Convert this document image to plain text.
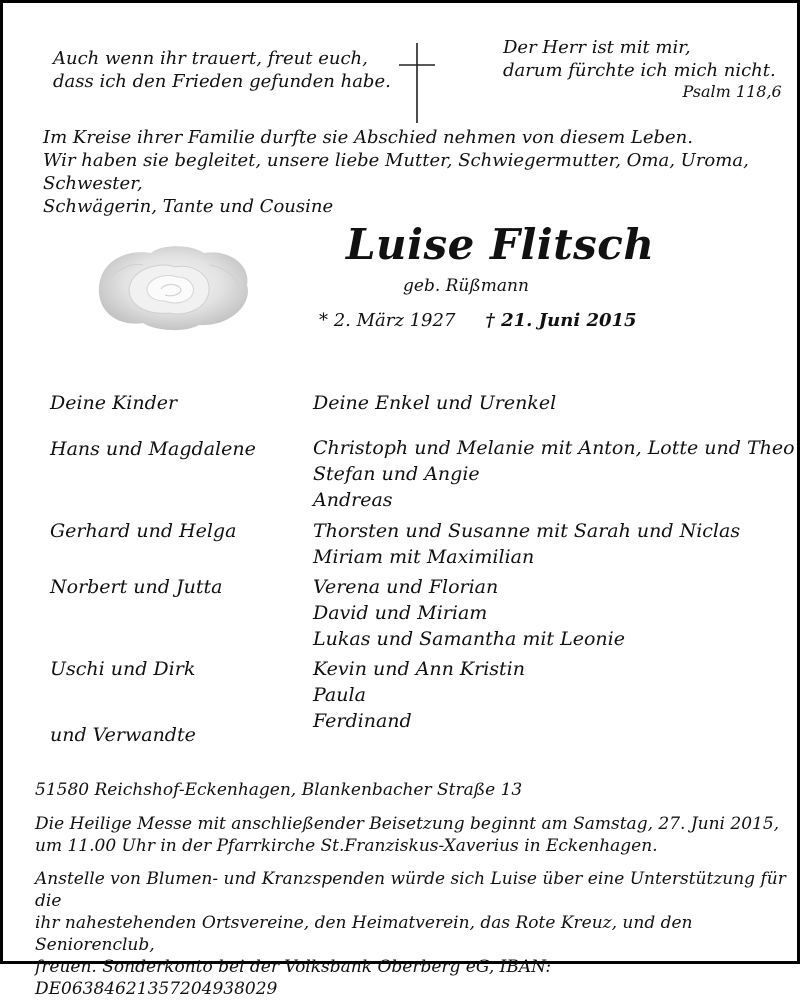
Auch wenn ihr trauert, freut euch,
dass ich den Frieden gefunden habe.
Der Herr ist mit mir,
darum fürchte ich mich nicht.
Psalm 118,6
Im Kreise ihrer Familie durfte sie Abschied nehmen von diesem Leben.
Wir haben sie begleitet, unsere liebe Mutter, Schwiegermutter, Oma, Uroma, Schwester,
Schwägerin, Tante und Cousine
Luise Flitsch
geb. Rüßmann
* 2. März 1927 † 21. Juni 2015
Deine Kinder
Hans und Magdalene
Gerhard und Helga
Norbert und Jutta
Uschi und Dirk
und Verwandte
Deine Enkel und Urenkel
Christoph und Melanie mit Anton, Lotte und Theo
Stefan und Angie
Andreas
Thorsten und Susanne mit Sarah und Niclas
Miriam mit Maximilian
Verena und Florian
David und Miriam
Lukas und Samantha mit Leonie
Kevin und Ann Kristin
Paula
Ferdinand
51580 Reichshof-Eckenhagen, Blankenbacher Straße 13
Die Heilige Messe mit anschließender Beisetzung beginnt am Samstag, 27. Juni 2015,
um 11.00 Uhr in der Pfarrkirche St.Franziskus-Xaverius in Eckenhagen.
Anstelle von Blumen- und Kranzspenden würde sich Luise über eine Unterstützung für die
ihr nahestehenden Ortsvereine, den Heimatverein, das Rote Kreuz, und den Seniorenclub,
freuen. Sonderkonto bei der Volksbank Oberberg eG, IBAN: DE06384621357204938029
